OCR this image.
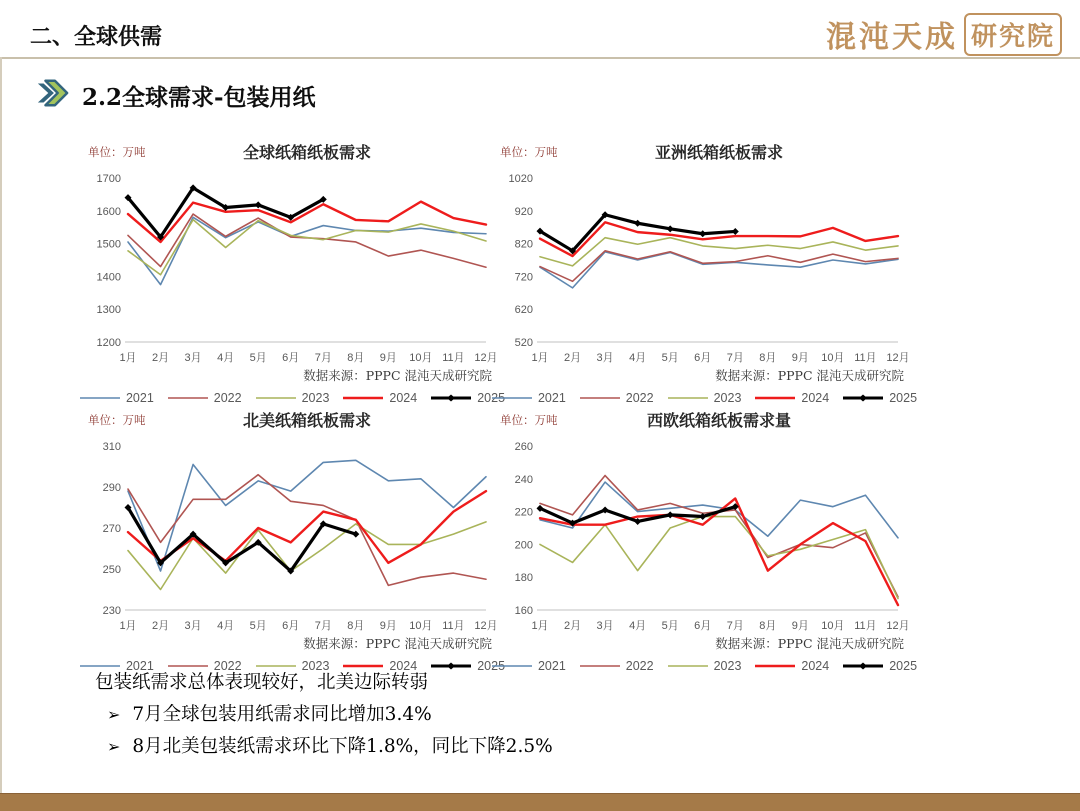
二、全球供需	混沌天成 研究院
2.2全球需求-包装用纸
单位：万吨	全球纸箱纸板需求
1200
1300
1400
1500
1600
1700
1月 2月 3月 4月 5月 6月 7月 8月 9月 10月 11月 12月
数据来源：PPPC 混沌天成研究院
2021	2022	2023	2024	2025
单位：万吨	亚洲纸箱纸板需求
520
620
720
820
920
1020
1月 2月 3月 4月 5月 6月 7月 8月 9月 10月 11月 12月
数据来源：PPPC 混沌天成研究院
2021	2022	2023	2024	2025
单位：万吨	北美纸箱纸板需求
230
250
270
290
310
1月 2月 3月 4月 5月 6月 7月 8月 9月 10月 11月 12月
数据来源：PPPC 混沌天成研究院
2021	2022	2023	2024	2025
单位：万吨	西欧纸箱纸板需求量
160
180
200
220
240
260
1月 2月 3月 4月 5月 6月 7月 8月 9月 10月 11月 12月
数据来源：PPPC 混沌天成研究院
2021	2022	2023	2024	2025

包装纸需求总体表现较好，北美边际转弱

➢ 7月全球包装用纸需求同比增加3.4%

➢ 8月北美包装纸需求环比下降1.8%，同比下降2.5%
